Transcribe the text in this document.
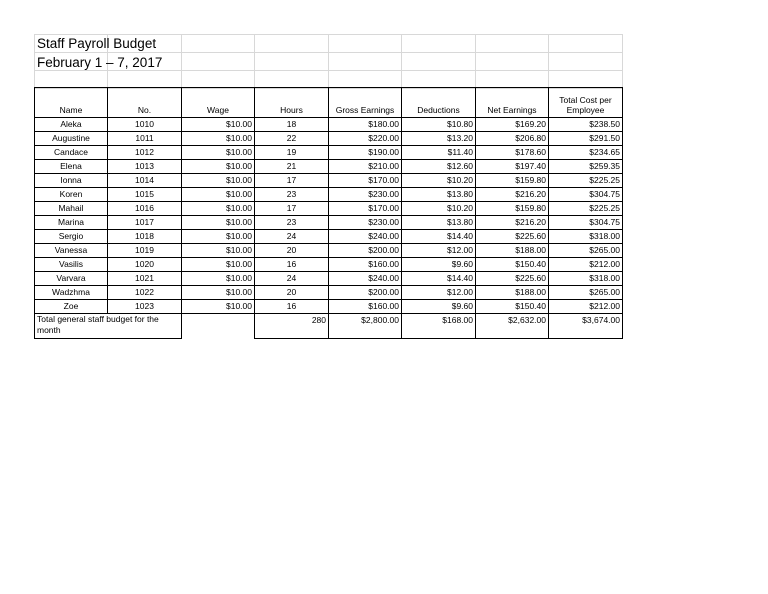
Staff Payroll Budget
February 1 – 7, 2017
Name	No.	Wage	Hours	Gross Earnings	Deductions	Net Earnings	Total Cost per Employee
Aleka	1010	$10.00	18	$180.00	$10.80	$169.20	$238.50
Augustine	1011	$10.00	22	$220.00	$13.20	$206.80	$291.50
Candace	1012	$10.00	19	$190.00	$11.40	$178.60	$234.65
Elena	1013	$10.00	21	$210.00	$12.60	$197.40	$259.35
Ionna	1014	$10.00	17	$170.00	$10.20	$159.80	$225.25
Koren	1015	$10.00	23	$230.00	$13.80	$216.20	$304.75
Mahail	1016	$10.00	17	$170.00	$10.20	$159.80	$225.25
Marina	1017	$10.00	23	$230.00	$13.80	$216.20	$304.75
Sergio	1018	$10.00	24	$240.00	$14.40	$225.60	$318.00
Vanessa	1019	$10.00	20	$200.00	$12.00	$188.00	$265.00
Vasilis	1020	$10.00	16	$160.00	$9.60	$150.40	$212.00
Varvara	1021	$10.00	24	$240.00	$14.40	$225.60	$318.00
Wadzhma	1022	$10.00	20	$200.00	$12.00	$188.00	$265.00
Zoe	1023	$10.00	16	$160.00	$9.60	$150.40	$212.00
Total general staff budget for the month			280	$2,800.00	$168.00	$2,632.00	$3,674.00
